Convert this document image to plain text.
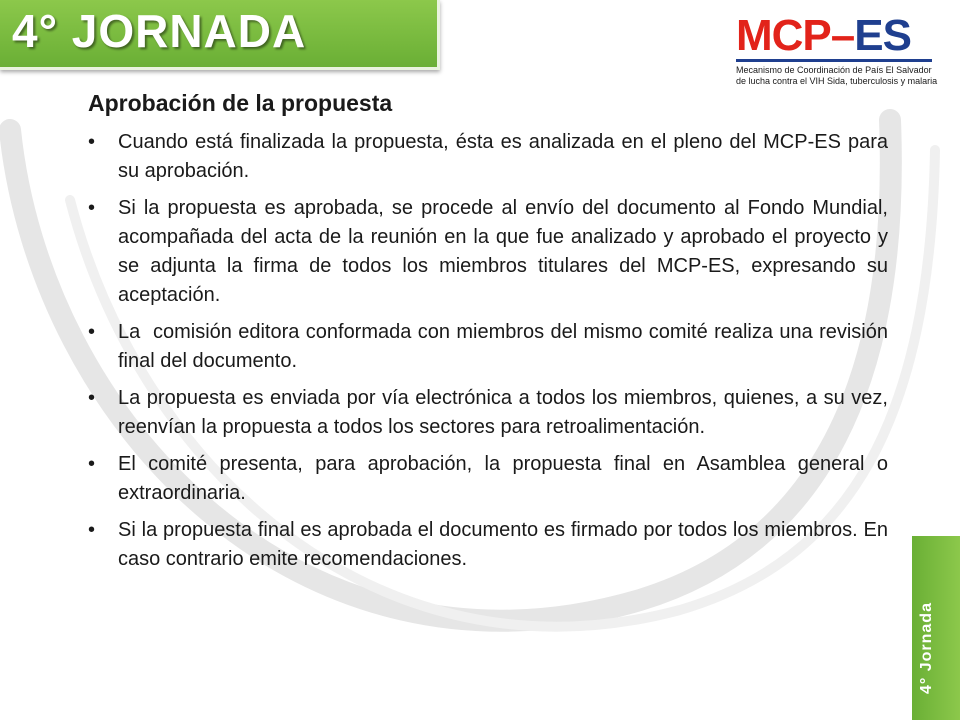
4° JORNADA	MCP–ES
Mecanismo de Coordinación de País El Salvador
de lucha contra el VIH Sida, tuberculosis y malaria
Aprobación de la propuesta
• Cuando está finalizada la propuesta, ésta es analizada en el pleno del MCP-ES para su aprobación.
• Si la propuesta es aprobada, se procede al envío del documento al Fondo Mundial, acompañada del acta de la reunión en la que fue analizado y aprobado el proyecto y se adjunta la firma de todos los miembros titulares del MCP-ES, expresando su aceptación.
• La  comisión editora conformada con miembros del mismo comité realiza una revisión final del documento.
• La propuesta es enviada por vía electrónica a todos los miembros, quienes, a su vez, reenvían la propuesta a todos los sectores para retroalimentación.
• El comité presenta, para aprobación, la propuesta final en Asamblea general o extraordinaria.
• Si la propuesta final es aprobada el documento es firmado por todos los miembros. En caso contrario emite recomendaciones.
4° Jornada
